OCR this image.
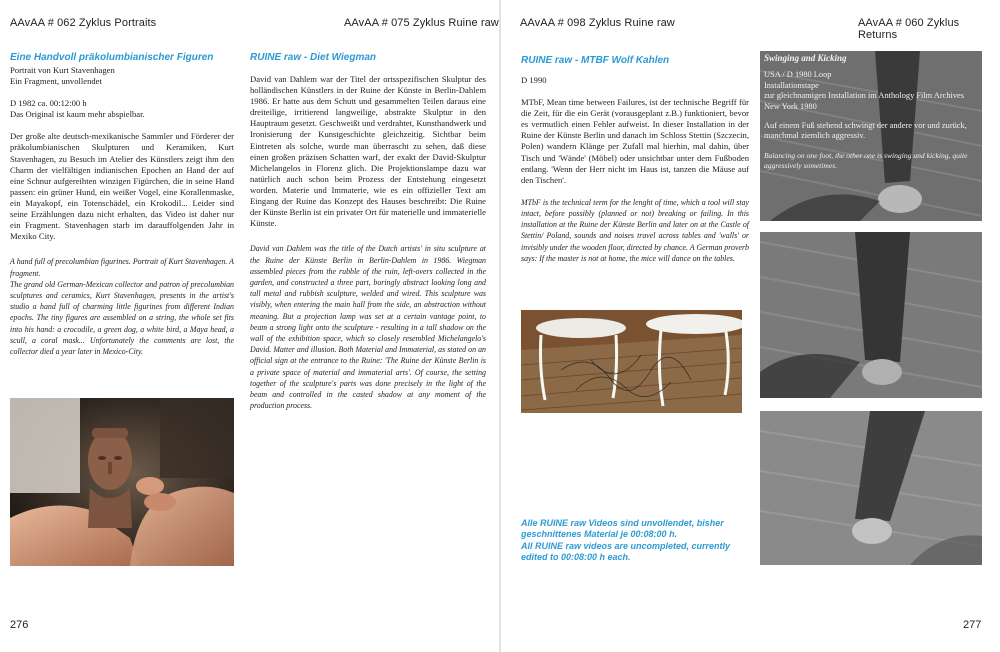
AAvAA # 062 Zyklus Portraits	AAvAA # 075 Zyklus Ruine raw AAvAA # 098 Zyklus Ruine raw	AAvAA # 060 Zyklus Returns
Eine Handvoll präkolumbianischer Figuren

Portrait von Kurt Stavenhagen
Ein Fragment, unvollendet

D 1982 ca. 00:12:00 h
Das Original ist kaum mehr abspielbar.

Der große alte deutsch-mexikanische Sammler und Förderer der präkolumbianischen Skulpturen und Keramiken, Kurt Stavenhagen, zu Besuch im Atelier des Künstlers zeigt ihm den Charm der vielfältigen indianischen Epochen an Hand der auf eine Schnur aufgereihten winzigen Figürchen, die in seine Hand passen: ein grüner Hund, ein weißer Vogel, eine Korallenmaske, ein Mayakopf, ein Totenschädel, ein Krokodil... Leider sind seine Erzählungen dazu nicht erhalten, das Video ist daher nur ein Fragment. Stavenhagen starb im darauffolgenden Jahr in Mexiko City.

A hand full of precolumbian figurines. Portrait of Kurt Stavenhagen. A fragment.
The grand old German-Mexican collector and patron of precolumbian sculptures and ceramics, Kurt Stavenhagen, presents in the artist's studio a hand full of charming little figurines from different Indian epochs. The tiny figures are assembled on a string, the whole set fits into his hand: a crocodile, a green dog, a white bird, a Maya head, a scull, a coral mask... Unfortunately the comments are lost, the collector died a year later in Mexico-City.
RUINE raw - Diet Wiegman

David van Dahlem war der Titel der ortsspezifischen Skulptur des holländischen Künstlers in der Ruine der Künste in Berlin-Dahlem 1986. Er hatte aus dem Schutt und gesammelten Teilen daraus eine dreiteilige, irritierend langweilige, abstrakte Skulptur in den Hauptraum gesetzt. Geschweißt und verdrahtet, Kunsthandwerk und Ironisierung der Kunstgeschichte gleichzeitig. Sichtbar beim Eintreten als solche, wurde man überrascht zu sehen, daß diese einen großen präzisen Schatten warf, der exakt der David-Skulptur Michelangelos in Florenz glich. Die Projektionslampe dazu war natürlich auch schon beim Prozess der Entstehung eingesetzt worden. Materie und Immaterie, wie es ein offizieller Text am Eingang der Ruine das Konzept des Hauses beschreibt: Die Ruine der Künste Berlin ist ein privater Ort für materielle und immaterielle Künste.

David van Dahlem was the title of the Dutch artists' in situ sculpture at the Ruine der Künste Berlin in Berlin-Dahlem in 1986. Wiegman assembled pieces from the rubble of the ruin, left-overs collected in the garden, and constructed a three part, boringly abstract looking long and tall metal and rubbish sculpture, welded and wired. This sculpture was visibly, when entering the main hall from the side, an abstraction without meaning. But a projection lamp was set at a certain vantage point, to beam a strong light onto the sculpture - resulting in a tall shadow on the wall of the exhibition space, which so closely resembled Michelangelo's David. Matter and illusion. Both Material and Immaterial, as stated on an official sign at the entrance to the Ruine: 'The Ruine der Künste Berlin is a private space of material and immaterial arts'. Of course, the setting together of the sculpture's parts was done precisely in the light of the beam and controlled in the casted shadow at any moment of the production process.

RUINE raw - MTBF Wolf Kahlen

D 1990

MTbF, Mean time between Failures, ist der technische Begriff für die Zeit, für die ein Gerät (vorausgeplant z.B.) funktioniert, bevor es vermutlich einen Fehler aufweist. In dieser Installation in der Ruine der Künste Berlin und danach im Schloss Stettin (Szczecin, Polen) wandern Klänge per Zufall mal hierhin, mal dahin, über Tisch und 'Wände' (Möbel) oder unsichtbar unter dem Fußboden entlang. 'Wenn der Herr nicht im Haus ist, tanzen die Mäuse auf den Tischen'.

MTbF is the technical term for the lenght of time, which a tool will stay intact, before possibly (planned or not) breaking or failing. In this installation at the Ruine der Künste Berlin and later on at the Castle of Stettin/ Poland, sounds and noises travel across tables and 'walls' or invisibly under the wooden floor, directed by chance. A German proverb says: If the master is not at home, the mice will dance on the tables.

Alle RUINE raw Videos sind unvollendet, bisher geschnittenes Material je 00:08:00 h.
All RUINE raw videos are uncompleted, currently edited to 00:08:00 h each.
Swinging and Kicking
USA / D 1980 Loop
Installationstape
zur gleichnamigen Installation im Anthology Film Archives New York 1980
Auf einem Fuß stehend schwingt der andere vor und zurück, manchmal ziemlich aggressiv.
Balancing on one foot, the other one is swinging and kicking, quite aggressively sometimes.
276	277
